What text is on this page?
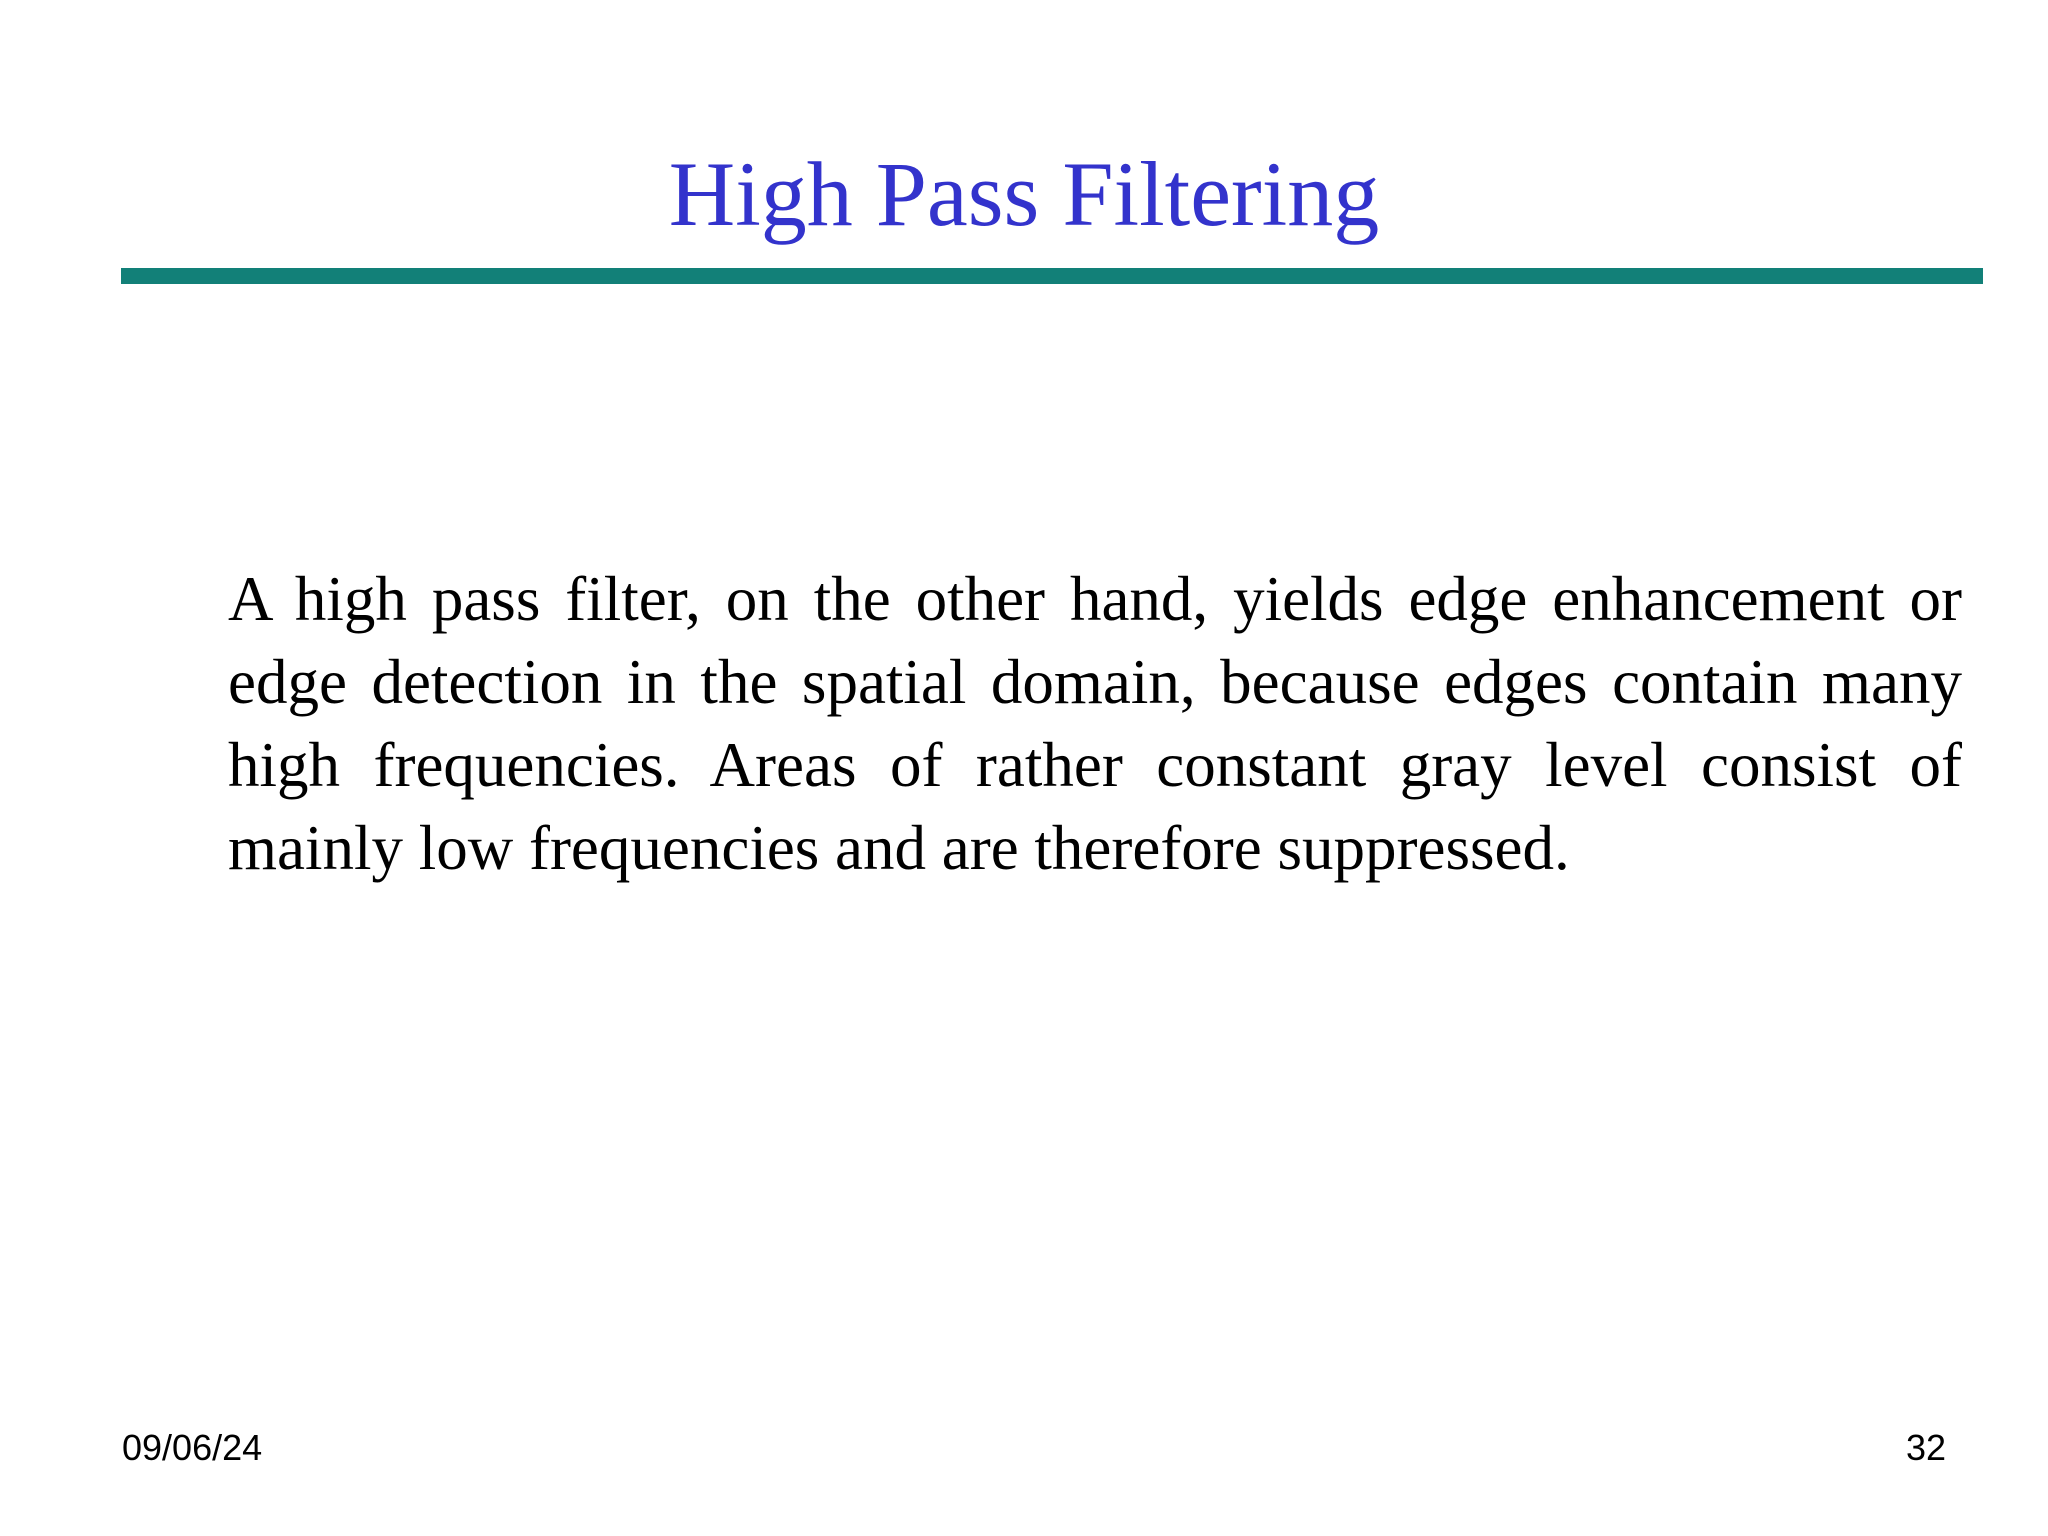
High Pass Filtering

A high pass filter, on the other hand, yields edge enhancement or edge detection in the spatial domain, because edges contain many high frequencies. Areas of rather constant gray level consist of mainly low frequencies and are therefore suppressed.

09/06/24	32
